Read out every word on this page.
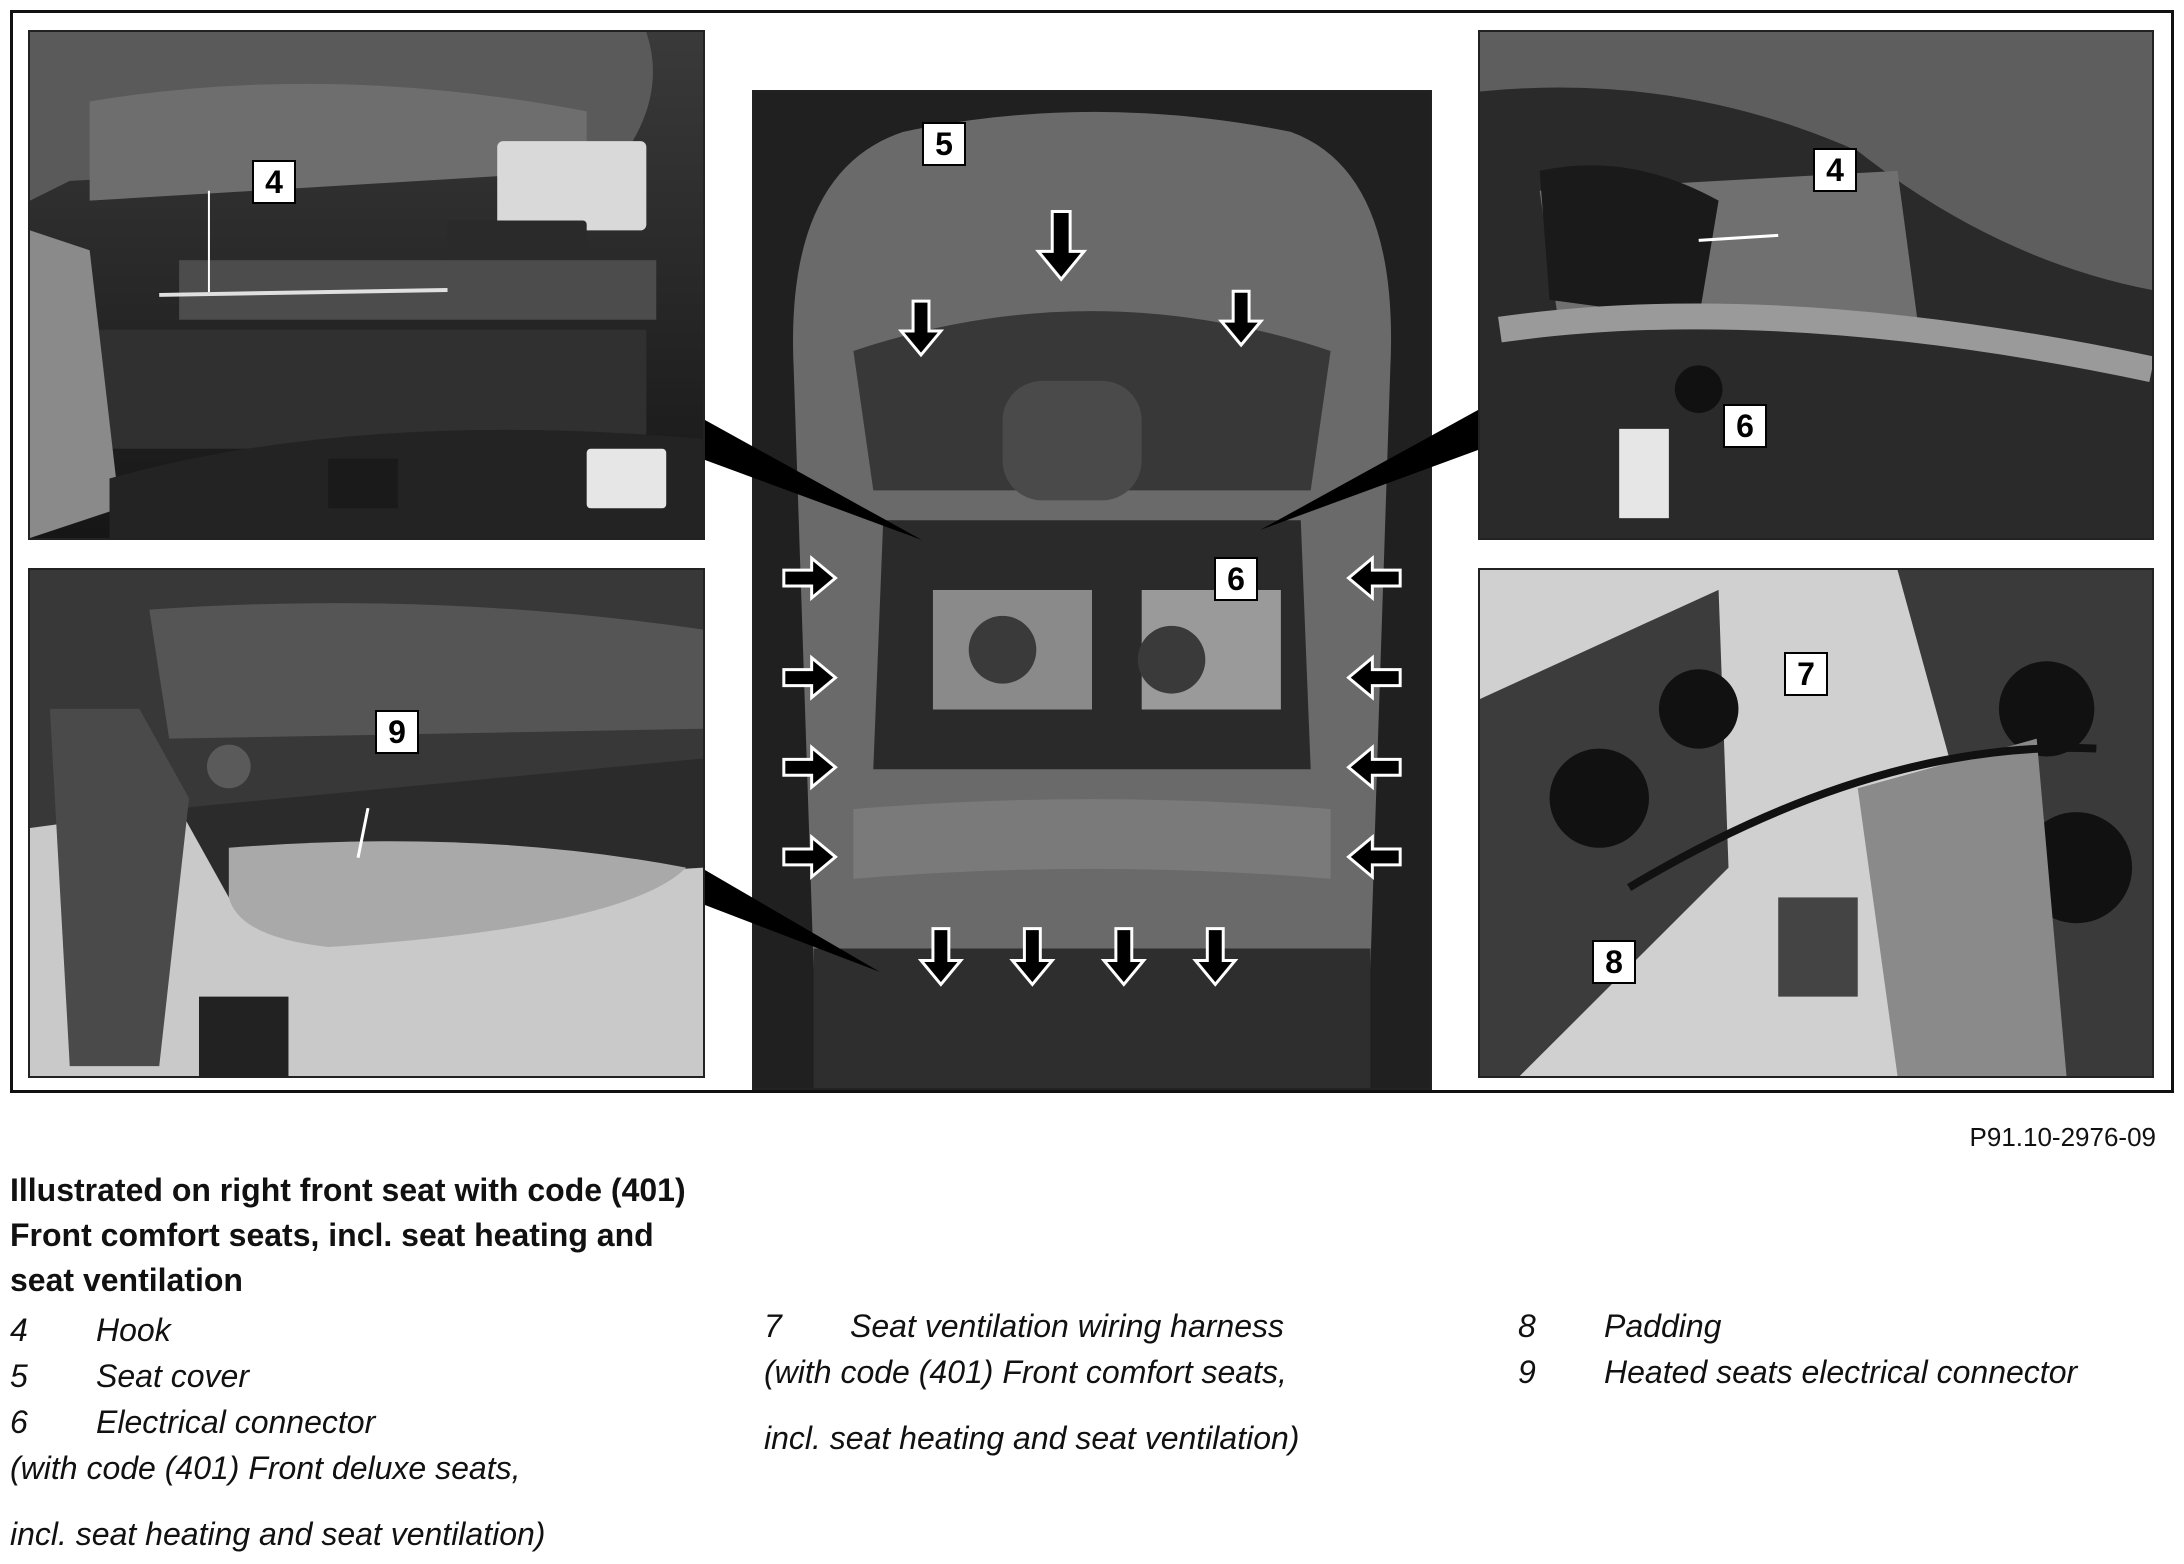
4
9
5
6
4
6
7
8
P91.10-2976-09
Illustrated on right front seat with code (401) Front comfort seats, incl. seat heating and seat ventilation
4	Hook
5	Seat cover
6	Electrical connector
(with code (401) Front deluxe seats,
incl. seat heating and seat ventilation)
7	Seat ventilation wiring harness
(with code (401) Front comfort seats,
incl. seat heating and seat ventilation)
8	Padding
9	Heated seats electrical connector
